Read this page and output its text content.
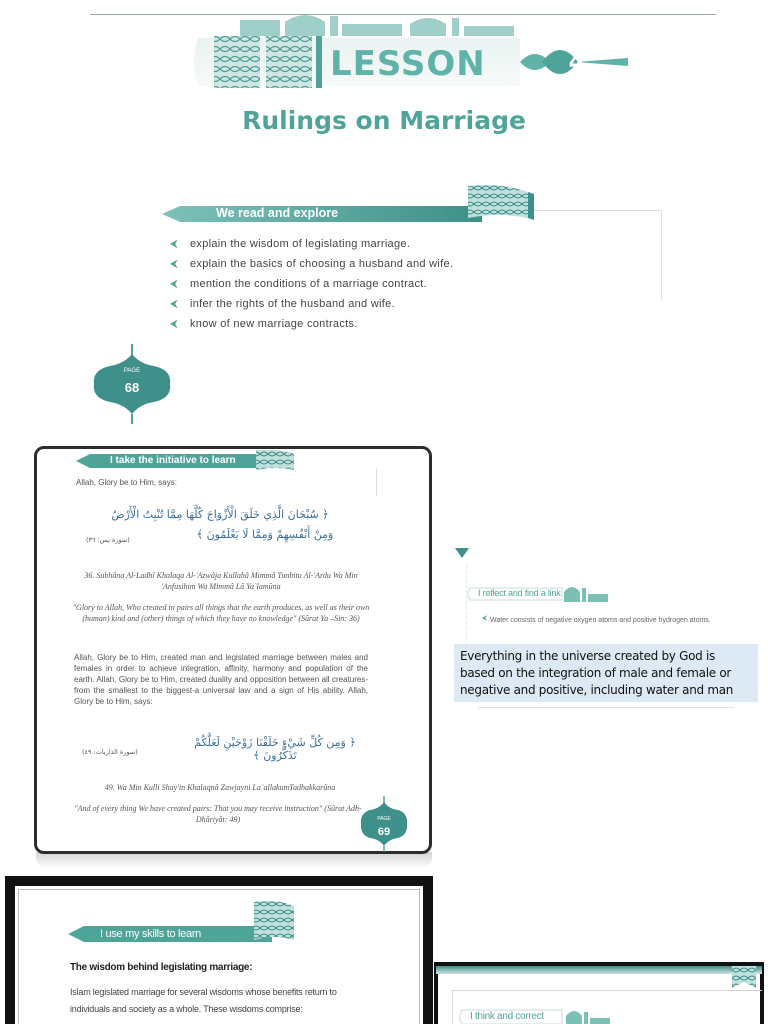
LESSON	4
Rulings on Marriage
We read and explore
⮜	explain the wisdom of legislating marriage.
⮜	explain the basics of choosing a husband and wife.
⮜	mention the conditions of a marriage contract.
⮜	infer the rights of the husband and wife.
⮜	know of new marriage contracts.
PAGE
68
I take the initiative to learn
Allah, Glory be to Him, says:
﴿ سُبْحَانَ الَّذِي خَلَقَ الْأَزْوَاجَ كُلَّهَا مِمَّا تُنْبِتُ الْأَرْضُ
وَمِنْ أَنْفُسِهِمْ وَمِمَّا لَا يَعْلَمُونَ ﴾
(سورة يس: ٣٦)
36. Subhâna Al-Ladhî Khalaqa Al-'Azwâja Kullahâ Mimmâ Tunbitu Al-'Ardu Wa Min 'Anfusihim Wa Mimmâ Lâ Ya`lamûna
"Glory to Allah, Who created in pairs all things that the earth produces, as well as their own (human) kind and (other) things of which they have no knowledge" (Sûrat Ya –Sin: 36)
Allah, Glory be to Him, created man and legislated marriage between males and females in order to achieve integration, affinity, harmony and population of the earth. Allah, Glory be to Him, created duality and opposition between all creatures- from the smallest to the biggest-a universal law and a sign of His ability. Allah, Glory be to Him, says:
﴿ وَمِن كُلِّ شَيْءٍ خَلَقْنَا زَوْجَيْنِ لَعَلَّكُمْ تَذَكَّرُونَ ﴾
(سورة الذاريات: ٤٩)
49. Wa Min Kulli Shay'in Khalaqnâ Zawjayni La`allakumTadhakkarûna
"And of every thing We have created pairs: That you may receive instruction" (Sûrat Adh-Dhâriyât: 49)	PAGE
69
I reflect and find a link
⮜ Water consists of negative oxygen atoms and positive hydrogen atoms.
Everything in the universe created by God is based on the integration of male and female or negative and positive, including water and man
I use my skills to learn
The wisdom behind legislating marriage:
Islam legislated marriage for several wisdoms whose benefits return to individuals and society as a whole. These wisdoms comprise:
I think and correct
